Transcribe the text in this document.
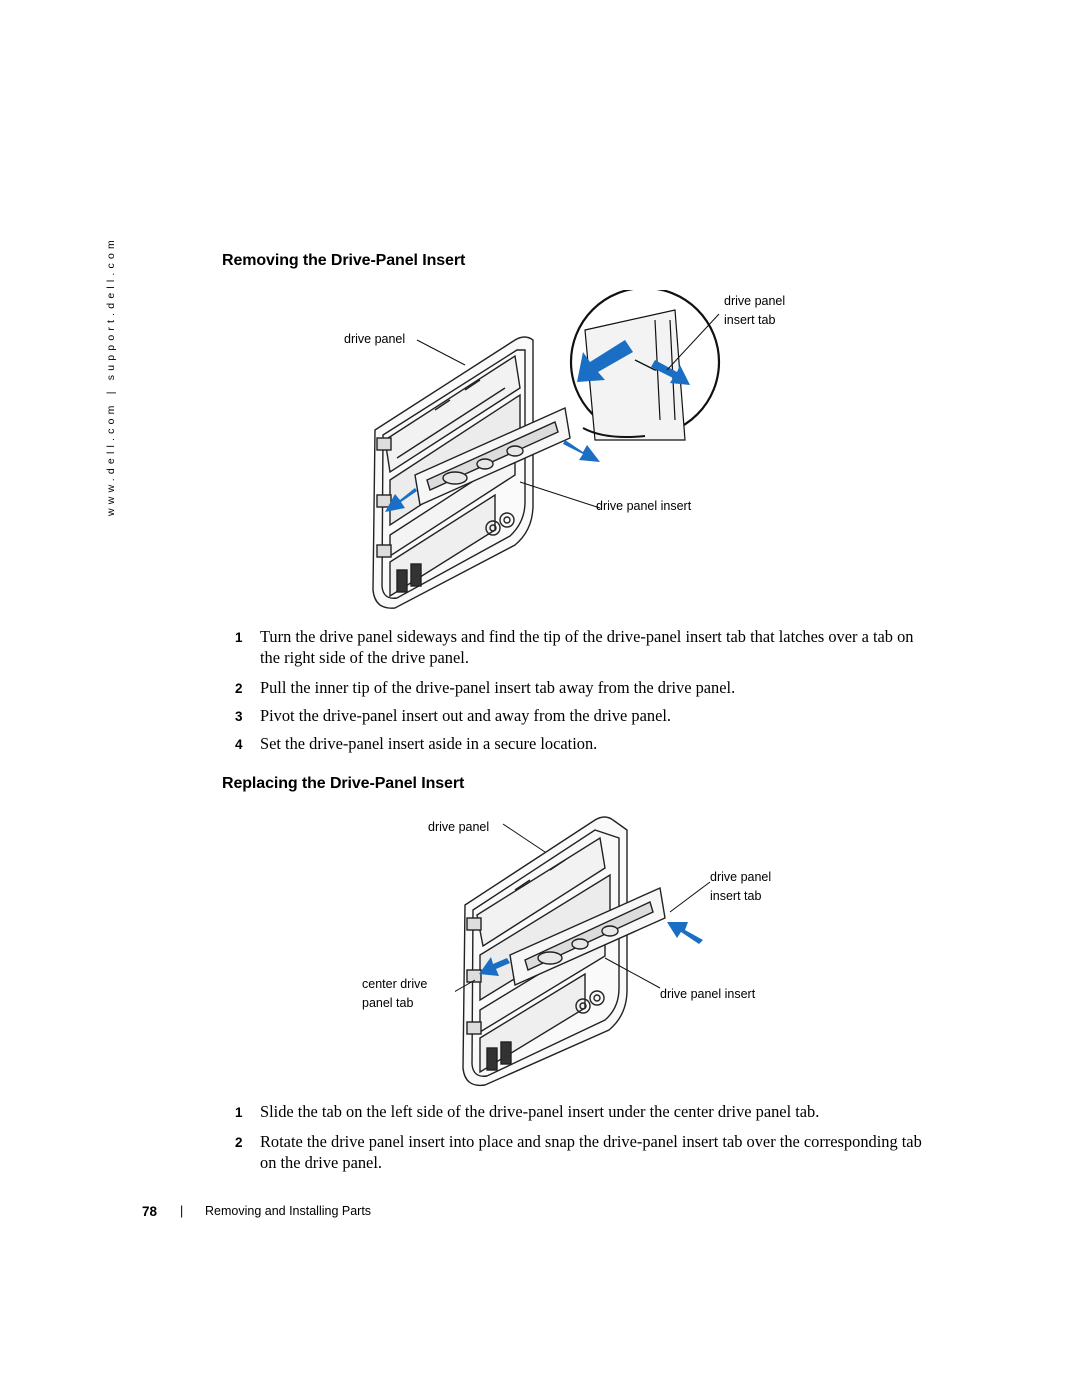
www.dell.com | support.dell.com	Removing the Drive-Panel Insert
drive panel
drive panel
insert tab
drive panel insert
1 Turn the drive panel sideways and find the tip of the drive-panel insert tab that latches over a tab on the right side of the drive panel.
2 Pull the inner tip of the drive-panel insert tab away from the drive panel.
3 Pivot the drive-panel insert out and away from the drive panel.
4 Set the drive-panel insert aside in a secure location.
Replacing the Drive-Panel Insert
drive panel
drive panel
insert tab
center drive
panel tab
drive panel insert
1 Slide the tab on the left side of the drive-panel insert under the center drive panel tab.
2 Rotate the drive panel insert into place and snap the drive-panel insert tab over the corresponding tab on the drive panel.
78 | Removing and Installing Parts
